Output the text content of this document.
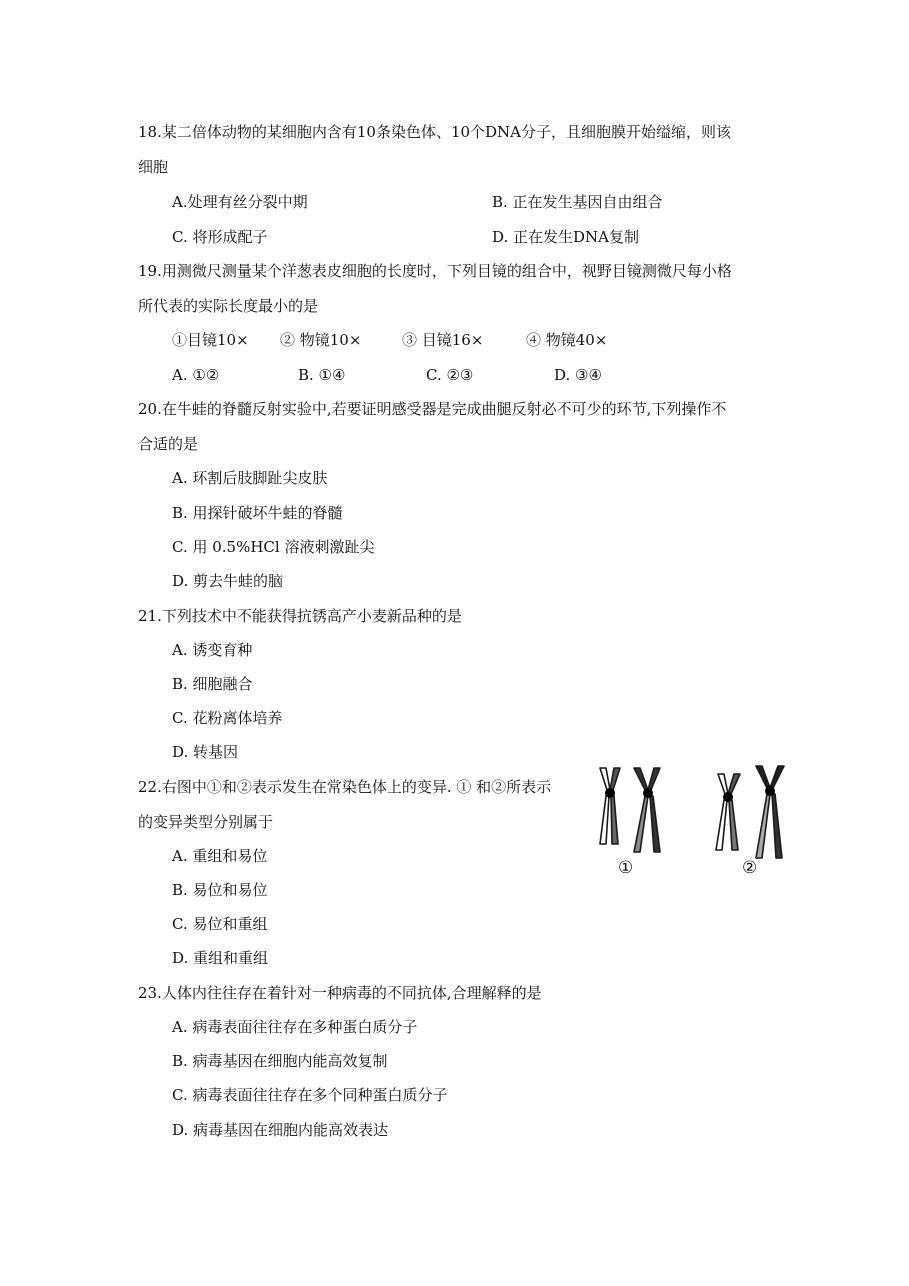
18.某二倍体动物的某细胞内含有10条染色体、10个DNA分子，且细胞膜开始缢缩，则该
细胞
A.处理有丝分裂中期	B. 正在发生基因自由组合
C. 将形成配子	D. 正在发生DNA复制
19.用测微尺测量某个洋葱表皮细胞的长度时，下列目镜的组合中，视野目镜测微尺每小格
所代表的实际长度最小的是
①目镜10× ② 物镜10×	③ 目镜16×	④ 物镜40×
A. ①②	B. ①④	C. ②③	D. ③④
20.在牛蛙的脊髓反射实验中,若要证明感受器是完成曲腿反射必不可少的环节,下列操作不
合适的是
A. 环割后肢脚趾尖皮肤
B. 用探针破坏牛蛙的脊髓
C. 用 0.5%HCl 溶液刺激趾尖
D. 剪去牛蛙的脑
21.下列技术中不能获得抗锈高产小麦新品种的是
A. 诱变育种
B. 细胞融合
C. 花粉离体培养
D. 转基因
22.右图中①和②表示发生在常染色体上的变异. ① 和②所表示
的变异类型分别属于
A. 重组和易位
B. 易位和易位
C. 易位和重组
D. 重组和重组
①	②
23.人体内往往存在着针对一种病毒的不同抗体,合理解释的是
A. 病毒表面往往存在多种蛋白质分子
B. 病毒基因在细胞内能高效复制
C. 病毒表面往往存在多个同种蛋白质分子
D. 病毒基因在细胞内能高效表达
